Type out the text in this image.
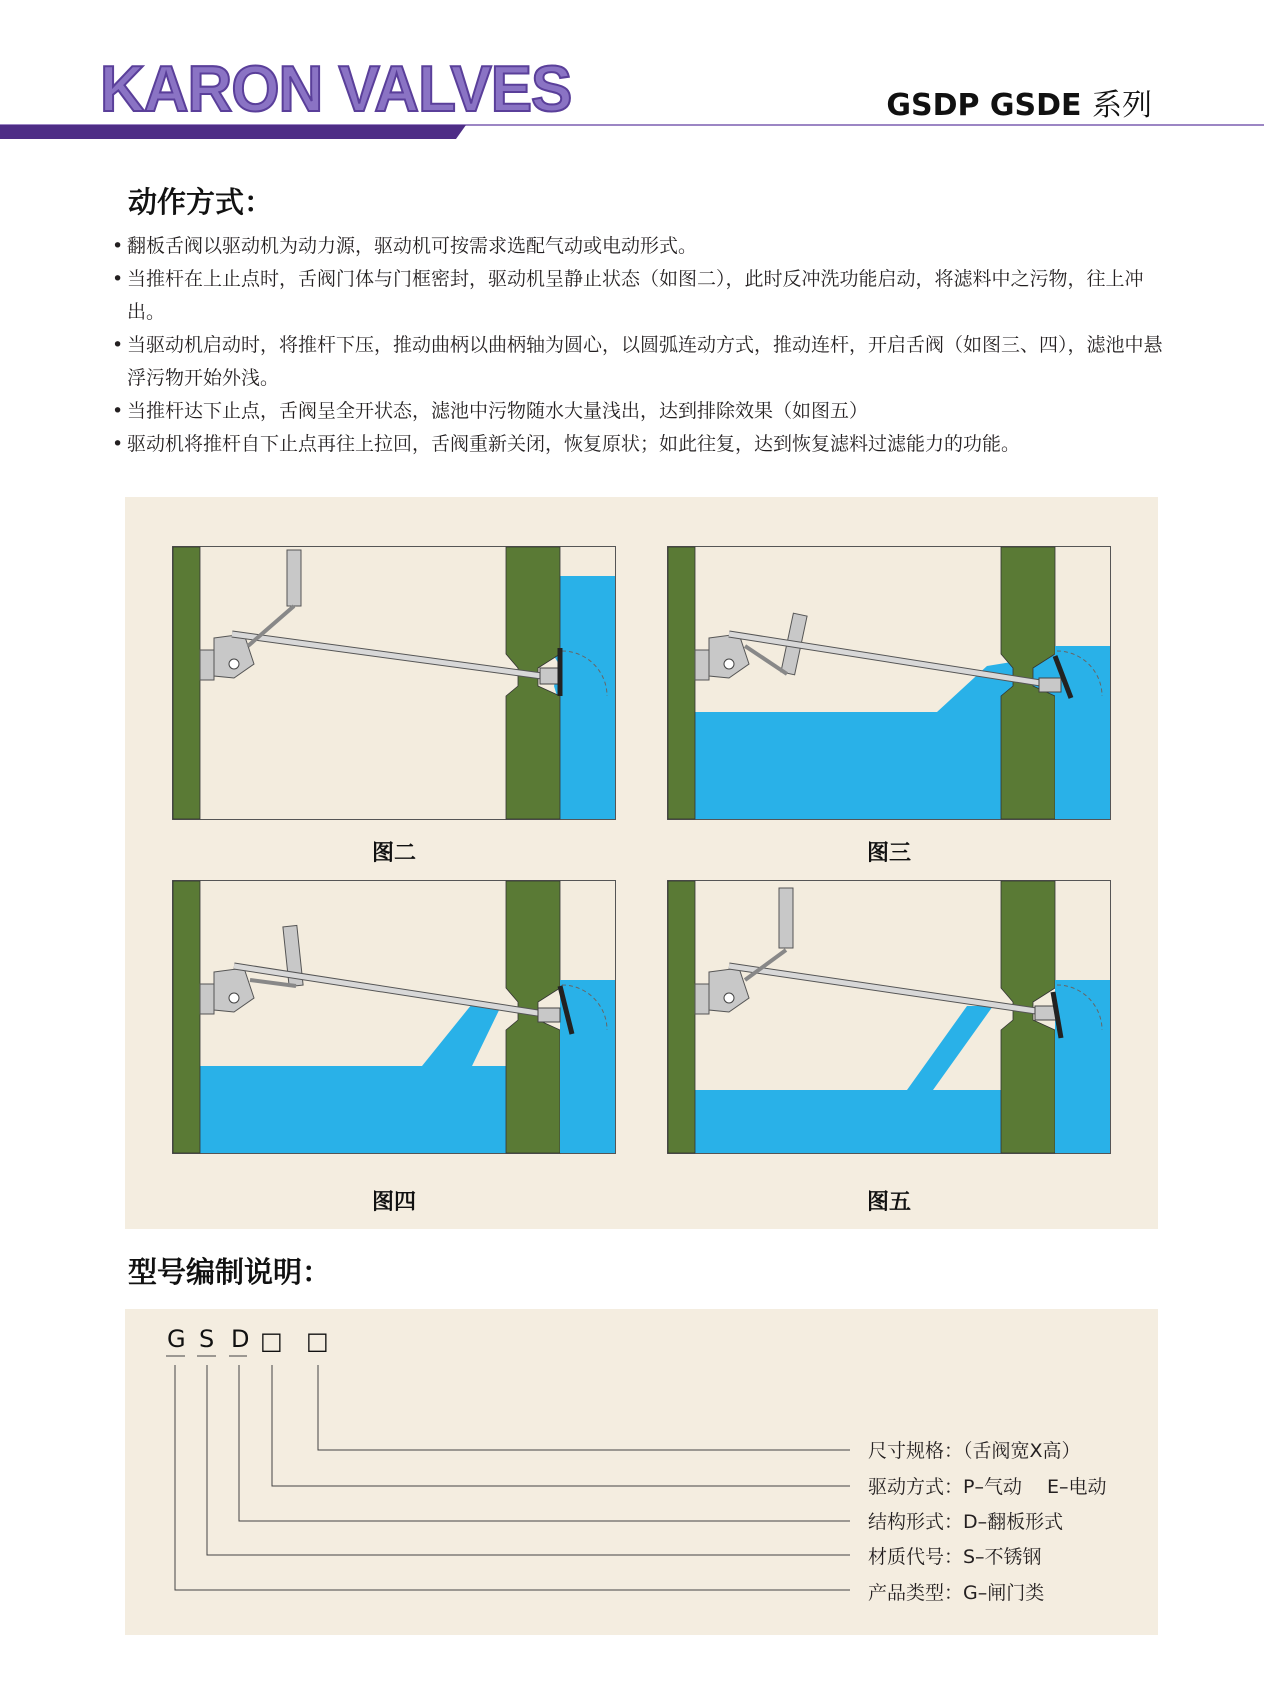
KARON VALVES	GSDP GSDE 系列
动作方式：
• 翻板舌阀以驱动机为动力源，驱动机可按需求选配气动或电动形式。
• 当推杆在上止点时，舌阀门体与门框密封，驱动机呈静止状态（如图二），此时反冲洗功能启动，将滤料中之污物，往上冲出。
• 当驱动机启动时，将推杆下压，推动曲柄以曲柄轴为圆心，以圆弧连动方式，推动连杆，开启舌阀（如图三、四），滤池中悬浮污物开始外浅。
• 当推杆达下止点，舌阀呈全开状态，滤池中污物随水大量浅出，达到排除效果（如图五）
• 驱动机将推杆自下止点再往上拉回，舌阀重新关闭，恢复原状；如此往复，达到恢复滤料过滤能力的功能。
图二	图三
图四	图五
型号编制说明：
G S D □ □
尺寸规格：（舌阀宽X高）
驱动方式：P–气动　 E–电动
结构形式：D–翻板形式
材质代号：S–不锈钢
产品类型：G–闸门类
